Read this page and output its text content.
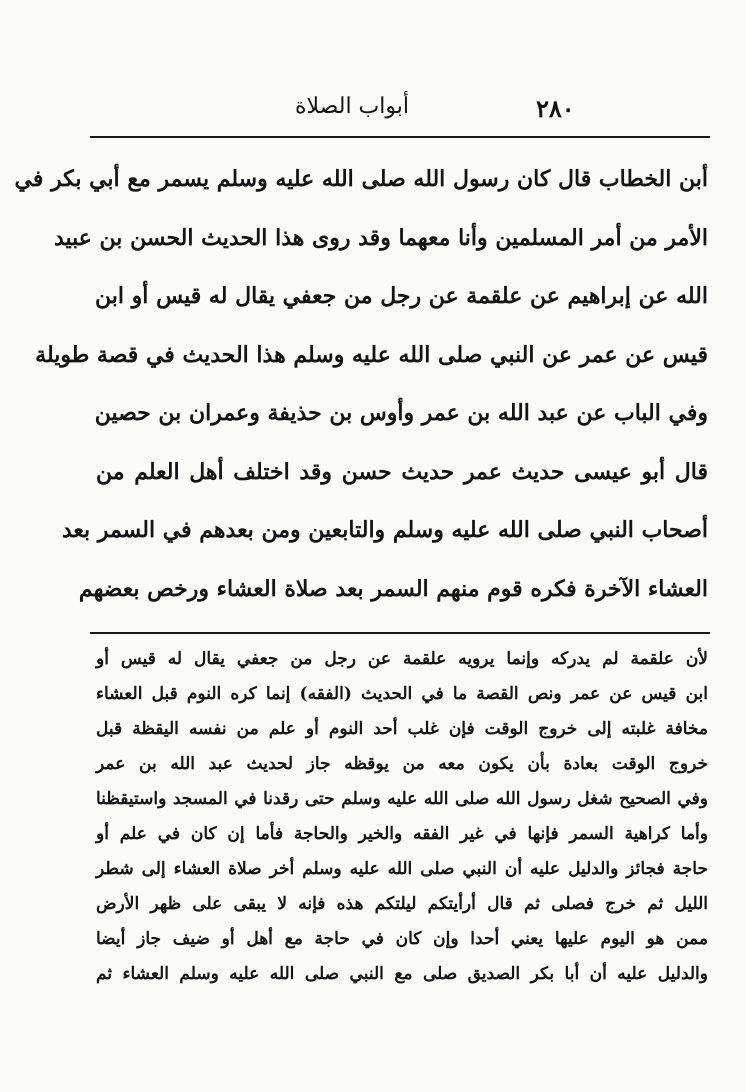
٢٨٠
أبواب الصلاة
أبن الخطاب قال كان رسول الله صلى الله عليه وسلم يسمر مع أبي بكر في
الأمر من أمر المسلمين وأنا معهما وقد روى هذا الحديث الحسن بن عبيد
الله عن إبراهيم عن علقمة عن رجل من جعفي يقال له قيس أو ابن
قيس عن عمر عن النبي صلى الله عليه وسلم هذا الحديث في قصة طويلة
وفي الباب عن عبد الله بن عمر وأوس بن حذيفة وعمران بن حصين
قال أبو عيسى حديث عمر حديث حسن وقد اختلف أهل العلم من
أصحاب النبي صلى الله عليه وسلم والتابعين ومن بعدهم في السمر بعد
العشاء الآخرة فكره قوم منهم السمر بعد صلاة العشاء ورخص بعضهم
لأن علقمة لم يدركه وإنما يرويه علقمة عن رجل من جعفي يقال له قيس أو
ابن قيس عن عمر ونص القصة ما في الحديث (الفقه) إنما كره النوم قبل العشاء
مخافة غلبته إلى خروج الوقت فإن غلب أحد النوم أو علم من نفسه اليقظة قبل
خروج الوقت بعادة بأن يكون معه من يوقظه جاز لحديث عبد الله بن عمر
وفي الصحيح شغل رسول الله صلى الله عليه وسلم حتى رقدنا في المسجد واستيقظنا
وأما كراهية السمر فإنها في غير الفقه والخير والحاجة فأما إن كان في علم أو
حاجة فجائز والدليل عليه أن النبي صلى الله عليه وسلم أخر صلاة العشاء إلى شطر
الليل ثم خرج فصلى ثم قال أرأيتكم ليلتكم هذه فإنه لا يبقى على ظهر الأرض
ممن هو اليوم عليها يعني أحدا وإن كان في حاجة مع أهل أو ضيف جاز أيضا
والدليل عليه أن أبا بكر الصديق صلى مع النبي صلى الله عليه وسلم العشاء ثم
